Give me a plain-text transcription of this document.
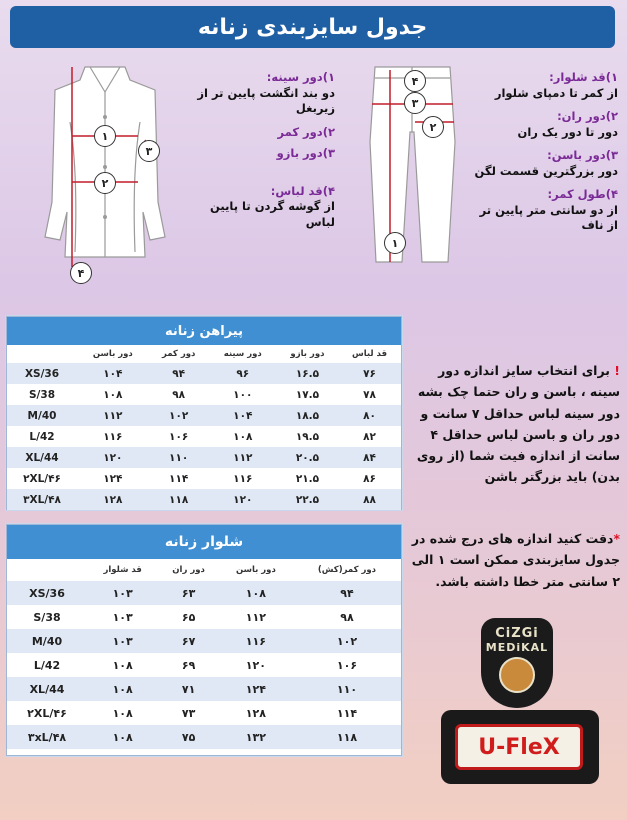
جدول سایزبندی زنانه
۱
۲
۳
۴
۱)دور سینه:
دو بند انگشت پایین تر از زیربغل
۲)دور کمر
۳)دور بازو
۴)قد لباس:
از گوشه گردن تا پایین لباس
۱
۲
۳
۴	۱)قد شلوار:
از کمر تا دمپای شلوار
۲)دور ران:
دور تا دور یک ران
۳)دور باسن:
دور بزرگترین قسمت لگن
۴)طول کمر:
از دو سانتی متر پایین تر از ناف
پیراهن زنانه
	دور باسن	دور کمر	دور سینه	دور بازو	قد لباس
XS/36	۱۰۴	۹۴	۹۶	۱۶.۵	۷۶
S/38	۱۰۸	۹۸	۱۰۰	۱۷.۵	۷۸
M/40	۱۱۲	۱۰۲	۱۰۴	۱۸.۵	۸۰
L/42	۱۱۶	۱۰۶	۱۰۸	۱۹.۵	۸۲
XL/44	۱۲۰	۱۱۰	۱۱۲	۲۰.۵	۸۴
۲XL/۴۶	۱۲۴	۱۱۴	۱۱۶	۲۱.۵	۸۶
۳XL/۴۸	۱۲۸	۱۱۸	۱۲۰	۲۲.۵	۸۸
شلوار زنانه
	قد شلوار	دور ران	دور باسن	دور کمر(کش)
XS/36	۱۰۳	۶۳	۱۰۸	۹۴
S/38	۱۰۳	۶۵	۱۱۲	۹۸
M/40	۱۰۳	۶۷	۱۱۶	۱۰۲
L/42	۱۰۸	۶۹	۱۲۰	۱۰۶
XL/44	۱۰۸	۷۱	۱۲۴	۱۱۰
۲XL/۴۶	۱۰۸	۷۳	۱۲۸	۱۱۴
۳xL/۴۸	۱۰۸	۷۵	۱۳۲	۱۱۸
! برای انتخاب سایز اندازه دور سینه ، باسن و ران حتما چک بشه دور سینه لباس حداقل ۷ سانت و دور ران و باسن لباس حداقل ۴ سانت از اندازه فیت شما (از روی بدن) باید بزرگتر باشن
*دقت کنید اندازه های درج شده در جدول سایزبندی ممکن است ۱ الی ۲ سانتی متر خطا داشته باشد.
CiZGi
MEDiKAL
U-FleX
